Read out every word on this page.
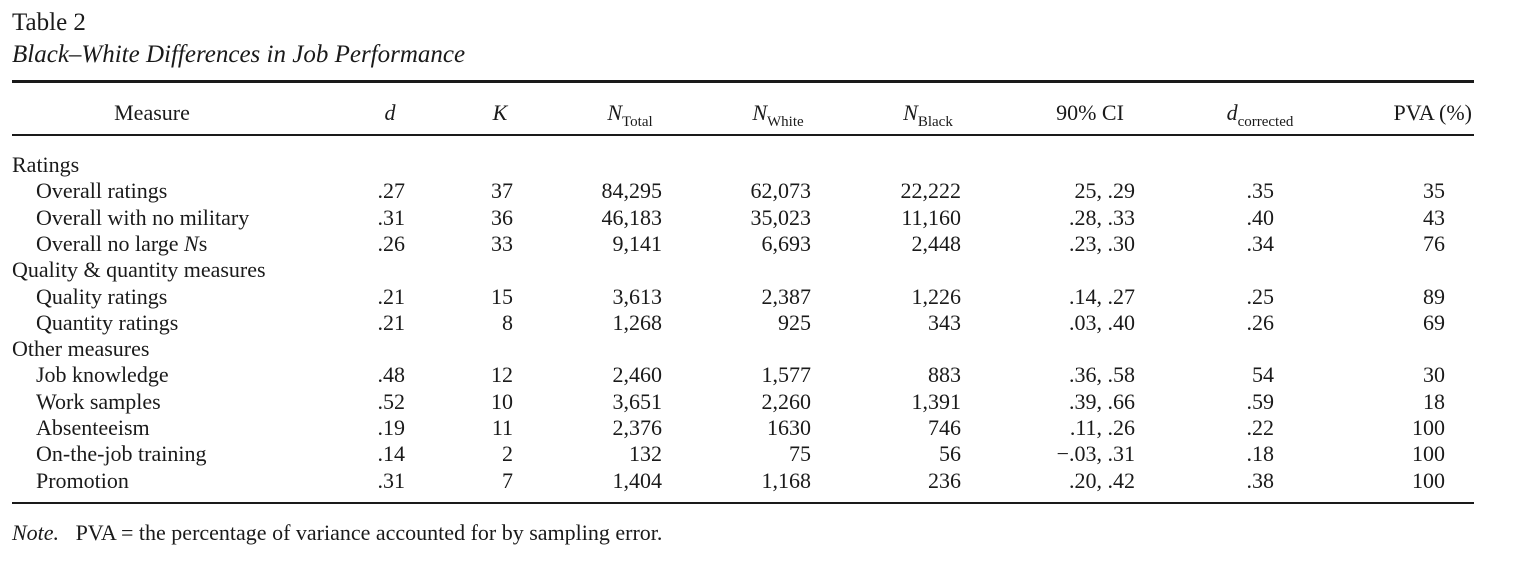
Table 2
Black–White Differences in Job Performance
Measure	d	K	$N_{Total}$	$N_{White}$	$N_{Black}$	90% CI	$d_{corrected}$	PVA (%)
Ratings
Overall ratings	.27	37	84,295	62,073	22,222	25, .29	.35	35
Overall with no military	.31	36	46,183	35,023	11,160	.28, .33	.40	43
Overall no large Ns	.26	33	9,141	6,693	2,448	.23, .30	.34	76
Quality & quantity measures
Quality ratings	.21	15	3,613	2,387	1,226	.14, .27	.25	89
Quantity ratings	.21	8	1,268	925	343	.03, .40	.26	69
Other measures
Job knowledge	.48	12	2,460	1,577	883	.36, .58	54	30
Work samples	.52	10	3,651	2,260	1,391	.39, .66	.59	18
Absenteeism	.19	11	2,376	1630	746	.11, .26	.22	100
On-the-job training	.14	2	132	75	56	−.03, .31	.18	100
Promotion	.31	7	1,404	1,168	236	.20, .42	.38	100
Note. PVA = the percentage of variance accounted for by sampling error.
